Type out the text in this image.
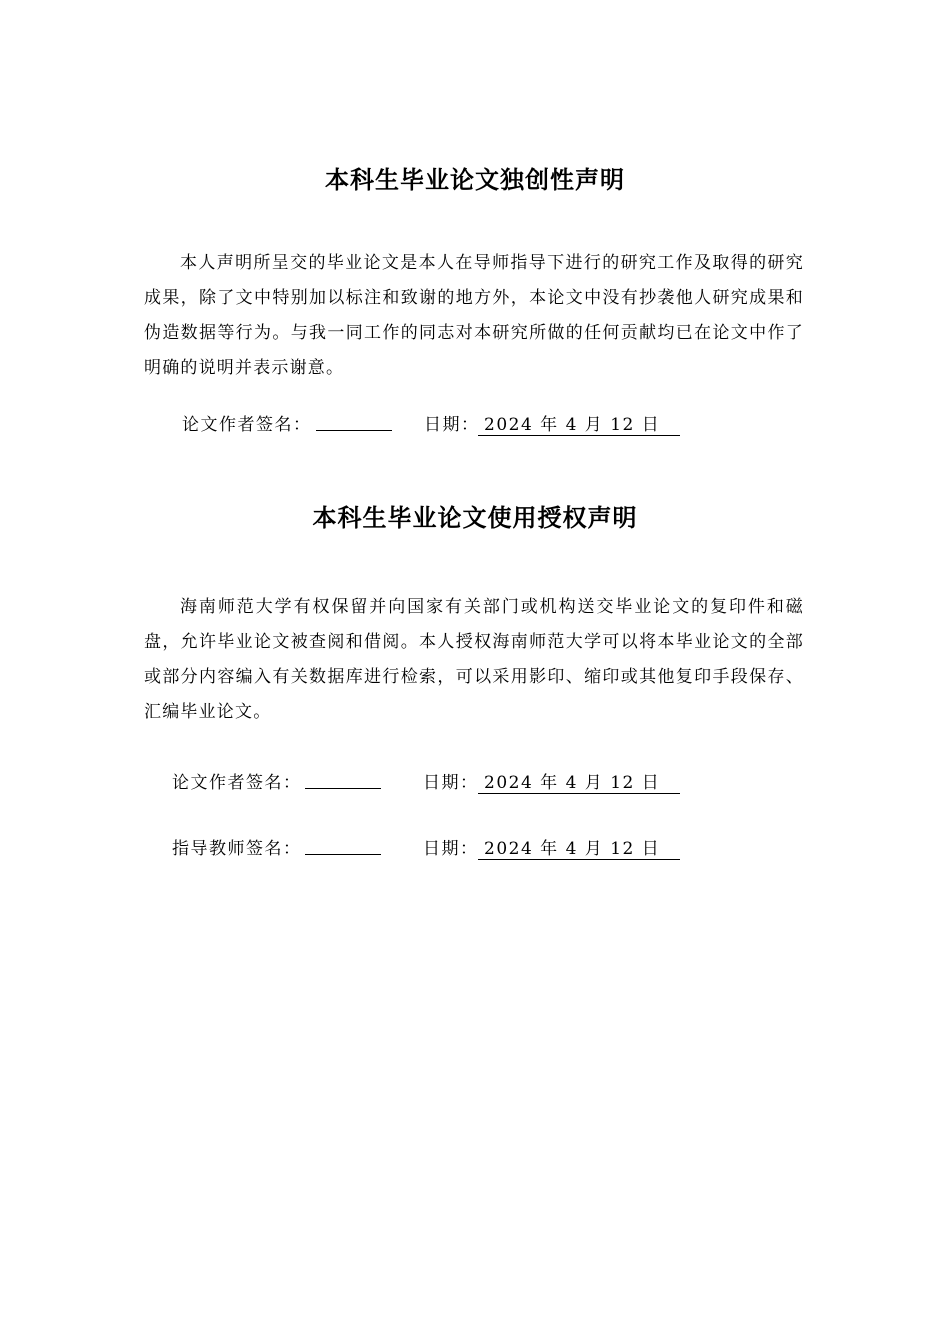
本科生毕业论文独创性声明

本人声明所呈交的毕业论文是本人在导师指导下进行的研究工作及取得的研究成果，除了文中特别加以标注和致谢的地方外，本论文中没有抄袭他人研究成果和伪造数据等行为。与我一同工作的同志对本研究所做的任何贡献均已在论文中作了明确的说明并表示谢意。

论文作者签名：	日期： 2024 年 4 月 12 日
本科生毕业论文使用授权声明

海南师范大学有权保留并向国家有关部门或机构送交毕业论文的复印件和磁盘，允许毕业论文被查阅和借阅。本人授权海南师范大学可以将本毕业论文的全部或部分内容编入有关数据库进行检索，可以采用影印、缩印或其他复印手段保存、汇编毕业论文。

论文作者签名：	日期： 2024 年 4 月 12 日
指导教师签名：	日期： 2024 年 4 月 12 日
